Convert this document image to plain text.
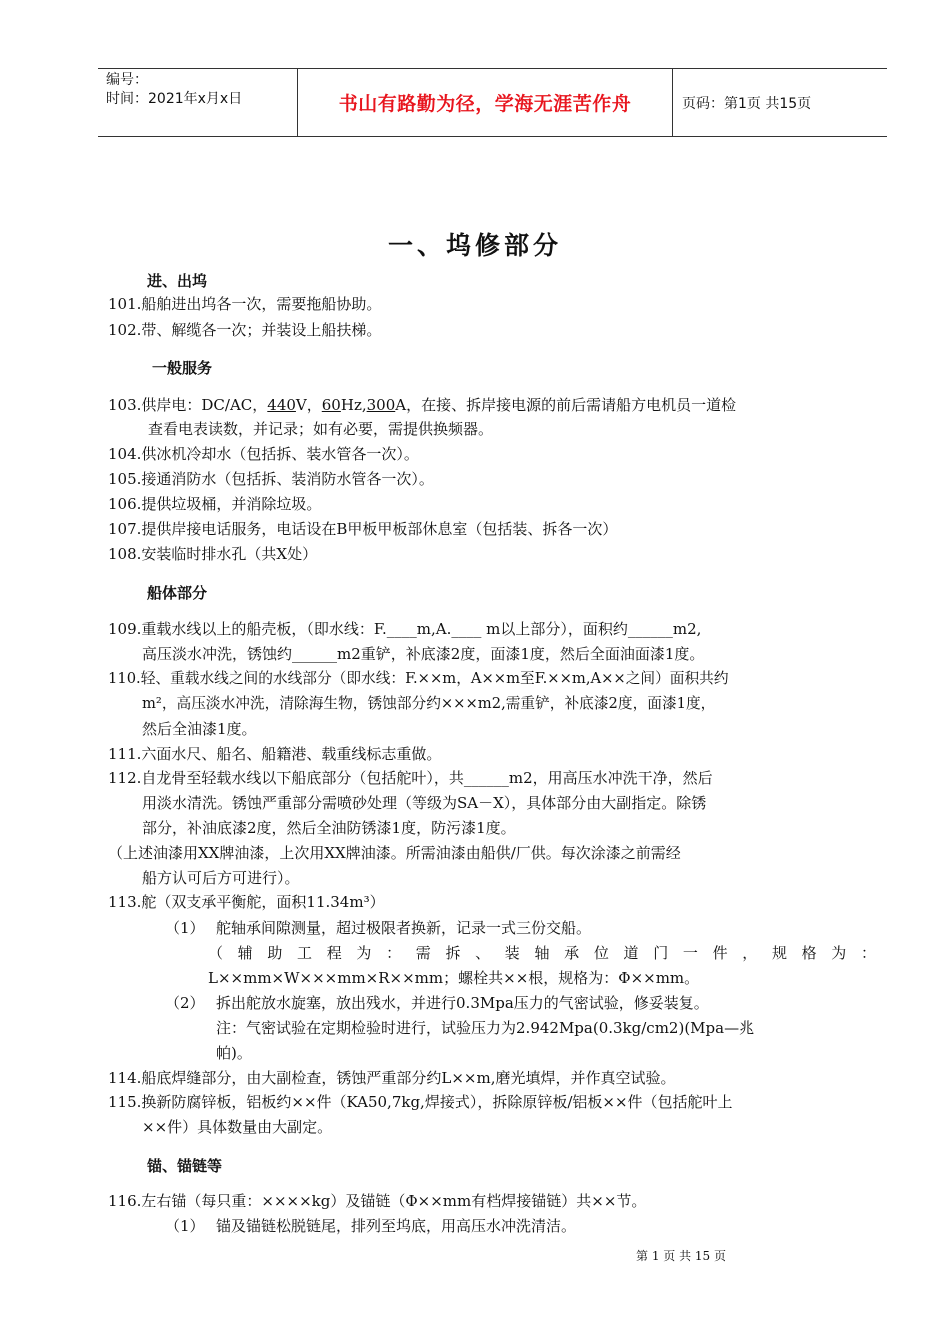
编号：
时间：2021年x月x日	书山有路勤为径，学海无涯苦作舟	页码：第1页 共15页
一、坞修部分
进、出坞
101.船舶进出坞各一次，需要拖船协助。
102.带、解缆各一次；并装设上船扶梯。
一般服务
103.供岸电：DC/AC，440V，60Hz,300A，在接、拆岸接电源的前后需请船方电机员一道检
查看电表读数，并记录；如有必要，需提供换频器。
104.供冰机冷却水（包括拆、装水管各一次）。
105.接通消防水（包括拆、装消防水管各一次）。
106.提供垃圾桶，并消除垃圾。
107.提供岸接电话服务，电话设在B甲板甲板部休息室（包括装、拆各一次）
108.安装临时排水孔（共X处）
船体部分
109.重载水线以上的船壳板，（即水线：F.____m,A.____ m以上部分），面积约______m2,
高压淡水冲洗，锈蚀约______m2重铲，补底漆2度，面漆1度，然后全面油面漆1度。
110.轻、重载水线之间的水线部分（即水线：F.××m，A××m至F.××m,A××之间）面积共约
m²，高压淡水冲洗，清除海生物，锈蚀部分约×××m2,需重铲，补底漆2度，面漆1度，
然后全油漆1度。
111.六面水尺、船名、船籍港、载重线标志重做。
112.自龙骨至轻载水线以下船底部分（包括舵叶），共______m2，用高压水冲洗干净，然后
用淡水清洗。锈蚀严重部分需喷砂处理（等级为SA－X），具体部分由大副指定。除锈
部分，补油底漆2度，然后全油防锈漆1度，防污漆1度。
（上述油漆用XX牌油漆，上次用XX牌油漆。所需油漆由船供/厂供。每次涂漆之前需经
船方认可后方可进行）。
113.舵（双支承平衡舵，面积11.34m³）
（1） 舵轴承间隙测量，超过极限者换新，记录一式三份交船。
（辅助工程为：需拆、装轴承位道门一件，规格为：
L××mm×W×××mm×R××mm；螺栓共××根，规格为：Φ××mm。
（2） 拆出舵放水旋塞，放出残水，并进行0.3Mpa压力的气密试验，修妥装复。
注：气密试验在定期检验时进行，试验压力为2.942Mpa(0.3kg/cm2)(Mpa—兆
帕)。
114.船底焊缝部分，由大副检查，锈蚀严重部分约L××m,磨光填焊，并作真空试验。
115.换新防腐锌板，铝板约××件（KA50,7kg,焊接式），拆除原锌板/铝板××件（包括舵叶上
××件）具体数量由大副定。
锚、锚链等
116.左右锚（每只重：××××kg）及锚链（Φ××mm有档焊接锚链）共××节。
（1） 锚及锚链松脱链尾，排列至坞底，用高压水冲洗清洁。
第 1 页 共 15 页
